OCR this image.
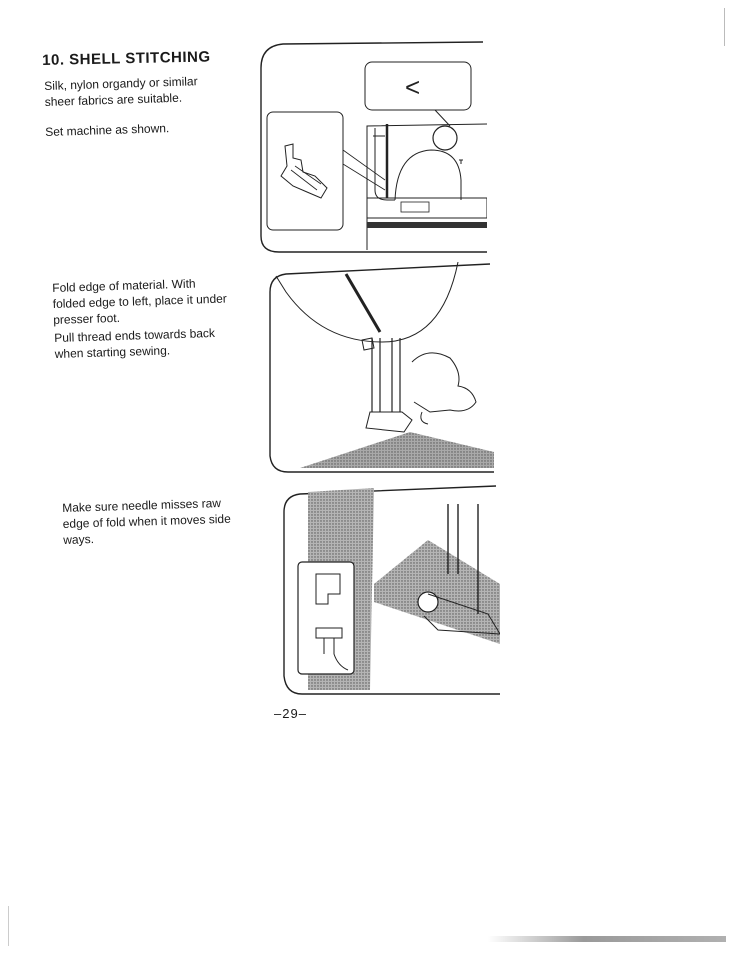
10. SHELL STITCHING
Silk, nylon organdy or similar
sheer fabrics are suitable.
Set machine as shown.
Fold edge of material. With
folded edge to left, place it under
presser foot.
Pull thread ends towards back
when starting sewing.
Make sure needle misses raw
edge of fold when it moves side
ways.
<
–29–
